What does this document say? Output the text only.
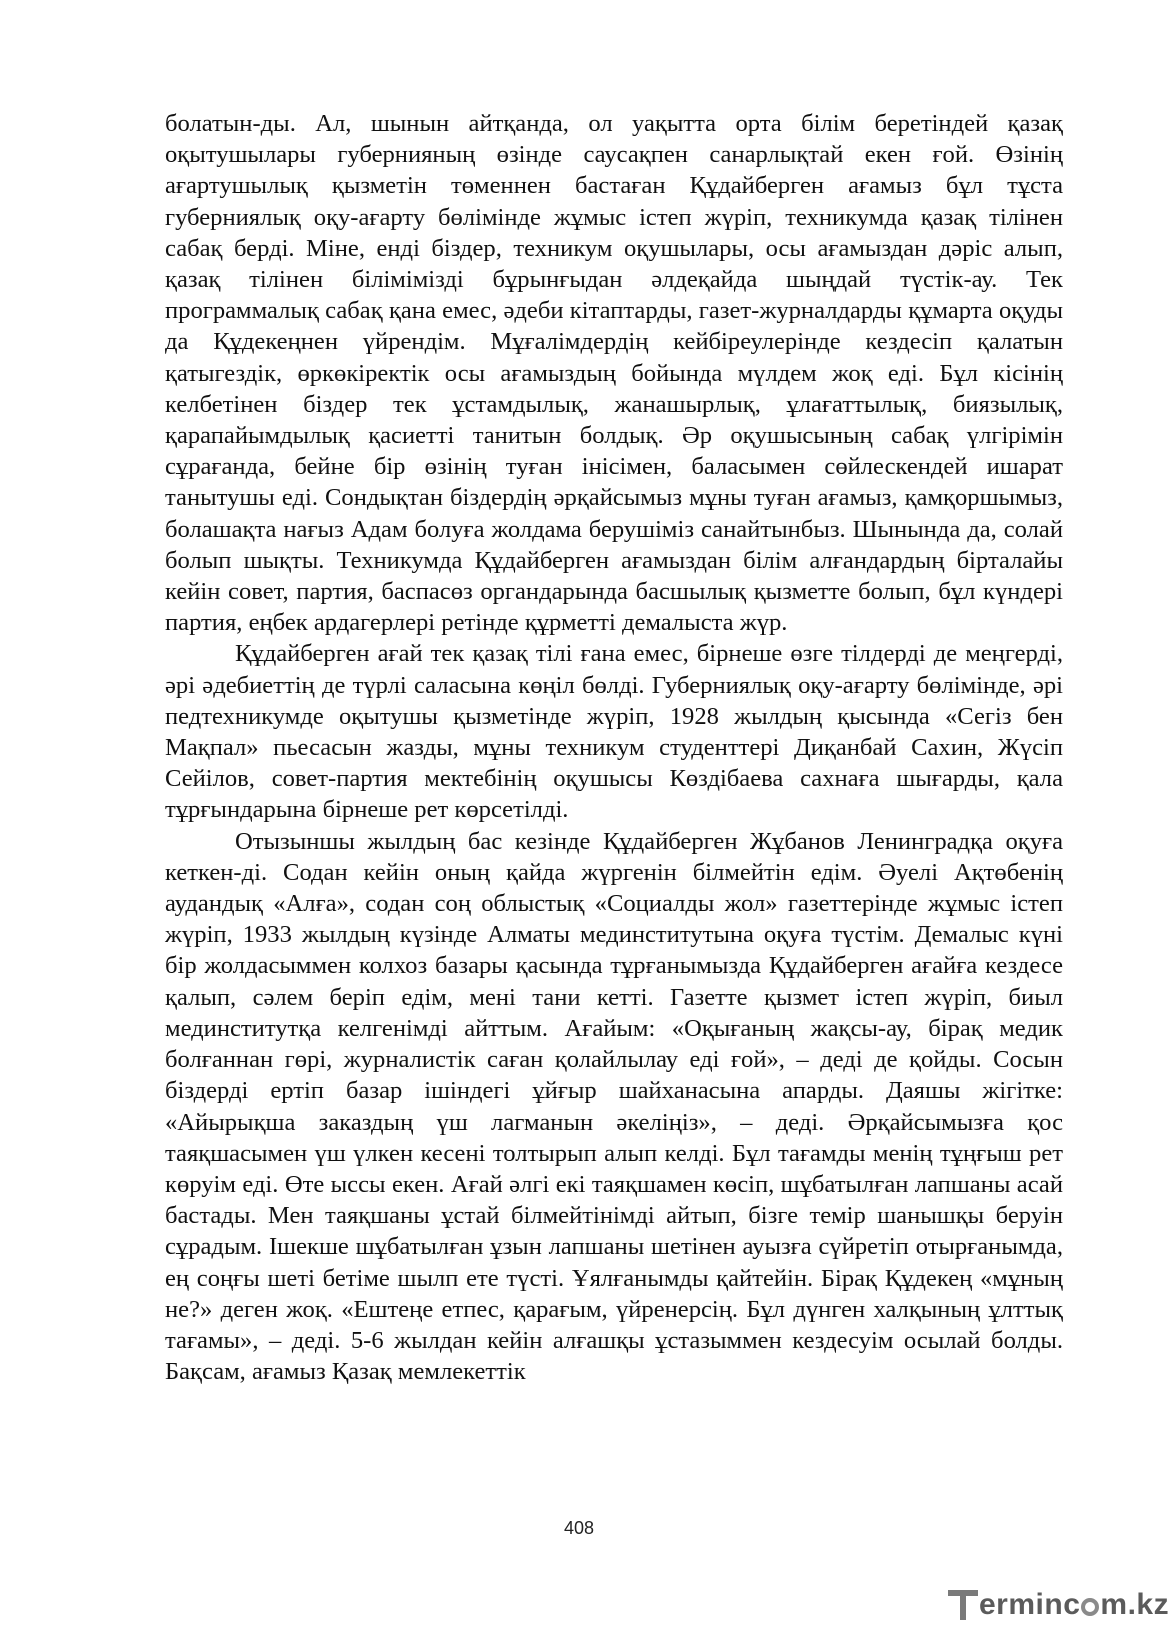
болатын-ды. Ал, шынын айтқанда, ол уақытта орта білім беретіндей қазақ оқытушылары губернияның өзінде саусақпен санарлықтай екен ғой. Өзінің ағартушылық қызметін төменнен бастаған Құдайберген ағамыз бұл тұста губерниялық оқу-ағарту бөлімінде жұмыс істеп жүріп, техникумда қазақ тілінен сабақ берді. Міне, енді біздер, техникум оқушылары, осы ағамыздан дәріс алып, қазақ тілінен білімімізді бұрынғыдан әлдеқайда шыңдай түстік-ау. Тек программалық сабақ қана емес, әдеби кітаптарды, газет-журналдарды құмарта оқуды да Құдекеңнен үйрендім. Мұғалімдердің кейбіреулерінде кездесіп қалатын қатыгездік, өркөкіректік осы ағамыздың бойында мүлдем жоқ еді. Бұл кісінің келбетінен біздер тек ұстамдылық, жанашырлық, ұлағаттылық, биязылық, қарапайымдылық қасиетті танитын болдық. Әр оқушысының сабақ үлгірімін сұрағанда, бейне бір өзінің туған інісімен, баласымен сөйлескендей ишарат танытушы еді. Сондықтан біздердің әрқайсымыз мұны туған ағамыз, қамқоршымыз, болашақта нағыз Адам болуға жолдама берушіміз санайтынбыз. Шынында да, солай болып шықты. Техникумда Құдайберген ағамыздан білім алғандардың бірталайы кейін совет, партия, баспасөз органдарында басшылық қызметте болып, бұл күндері партия, еңбек ардагерлері ретінде құрметті демалыста жүр.

Құдайберген ағай тек қазақ тілі ғана емес, бірнеше өзге тілдерді де меңгерді, әрі әдебиеттің де түрлі саласына көңіл бөлді. Губерниялық оқу-ағарту бөлімінде, әрі педтехникумде оқытушы қызметінде жүріп, 1928 жылдың қысында «Сегіз бен Мақпал» пьесасын жазды, мұны техникум студенттері Диқанбай Сахин, Жүсіп Сейілов, совет-партия мектебінің оқушысы Көздібаева сахнаға шығарды, қала тұрғындарына бірнеше рет көрсетілді.

Отызыншы жылдың бас кезінде Құдайберген Жұбанов Ленинградқа оқуға кеткен-ді. Содан кейін оның қайда жүргенін білмейтін едім. Әуелі Ақтөбенің аудандық «Алға», содан соң облыстық «Социалды жол» газеттерінде жұмыс істеп жүріп, 1933 жылдың күзінде Алматы мединститутына оқуға түстім. Демалыс күні бір жолдасыммен колхоз базары қасында тұрғанымызда Құдайберген ағайға кездесе қалып, сәлем беріп едім, мені тани кетті. Газетте қызмет істеп жүріп, биыл мединститутқа келгенімді айттым. Ағайым: «Оқығаның жақсы-ау, бірақ медик болғаннан гөрі, журналистік саған қолайлылау еді ғой», – деді де қойды. Сосын біздерді ертіп базар ішіндегі ұйғыр шайханасына апарды. Даяшы жігітке: «Айырықша заказдың үш лагманын әкеліңіз», – деді. Әрқайсымызға қос таяқшасымен үш үлкен кесені толтырып алып келді. Бұл тағамды менің тұңғыш рет көруім еді. Өте ыссы екен. Ағай әлгі екі таяқшамен көсіп, шұбатылған лапшаны асай бастады. Мен таяқшаны ұстай білмейтінімді айтып, бізге темір шанышқы беруін сұрадым. Ішекше шұбатылған ұзын лапшаны шетінен ауызға сүйретіп отырғанымда, ең соңғы шеті бетіме шылп ете түсті. Ұялғанымды қайтейін. Бірақ Құдекең «мұның не?» деген жоқ. «Ештеңе етпес, қарағым, үйренерсің. Бұл дүнген халқының ұлттық тағамы», – деді. 5-6 жылдан кейін алғашқы ұстазыммен кездесуім осылай болды. Бақсам, ағамыз Қазақ мемлекеттік

408
erminc m.kz
